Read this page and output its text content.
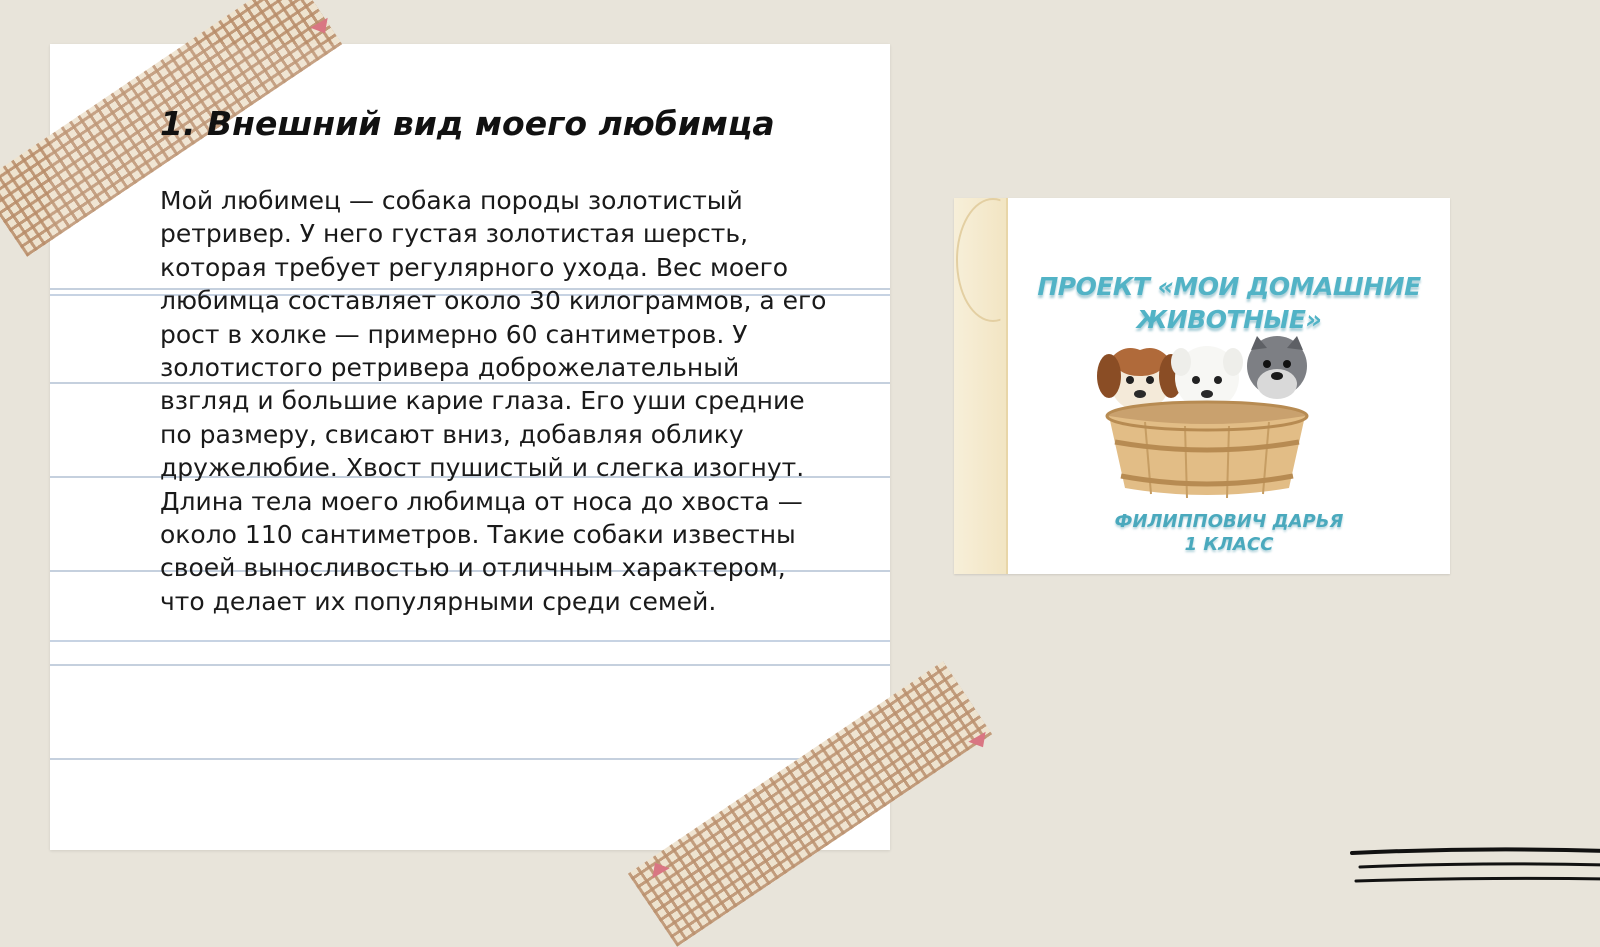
1. Внешний вид моего любимца

Мой любимец — собака породы золотистый ретривер. У него густая золотистая шерсть, которая требует регулярного ухода. Вес моего любимца составляет около 30 килограммов, а его рост в холке — примерно 60 сантиметров. У золотистого ретривера доброжелательный взгляд и большие карие глаза. Его уши средние по размеру, свисают вниз, добавляя облику дружелюбие. Хвост пушистый и слегка изогнут. Длина тела моего любимца от носа до хвоста — около 110 сантиметров. Такие собаки известны своей выносливостью и отличным характером, что делает их популярными среди семей.

ПРОЕКТ «МОИ ДОМАШНИЕ ЖИВОТНЫЕ»

ФИЛИППОВИЧ ДАРЬЯ
1 КЛАСС
